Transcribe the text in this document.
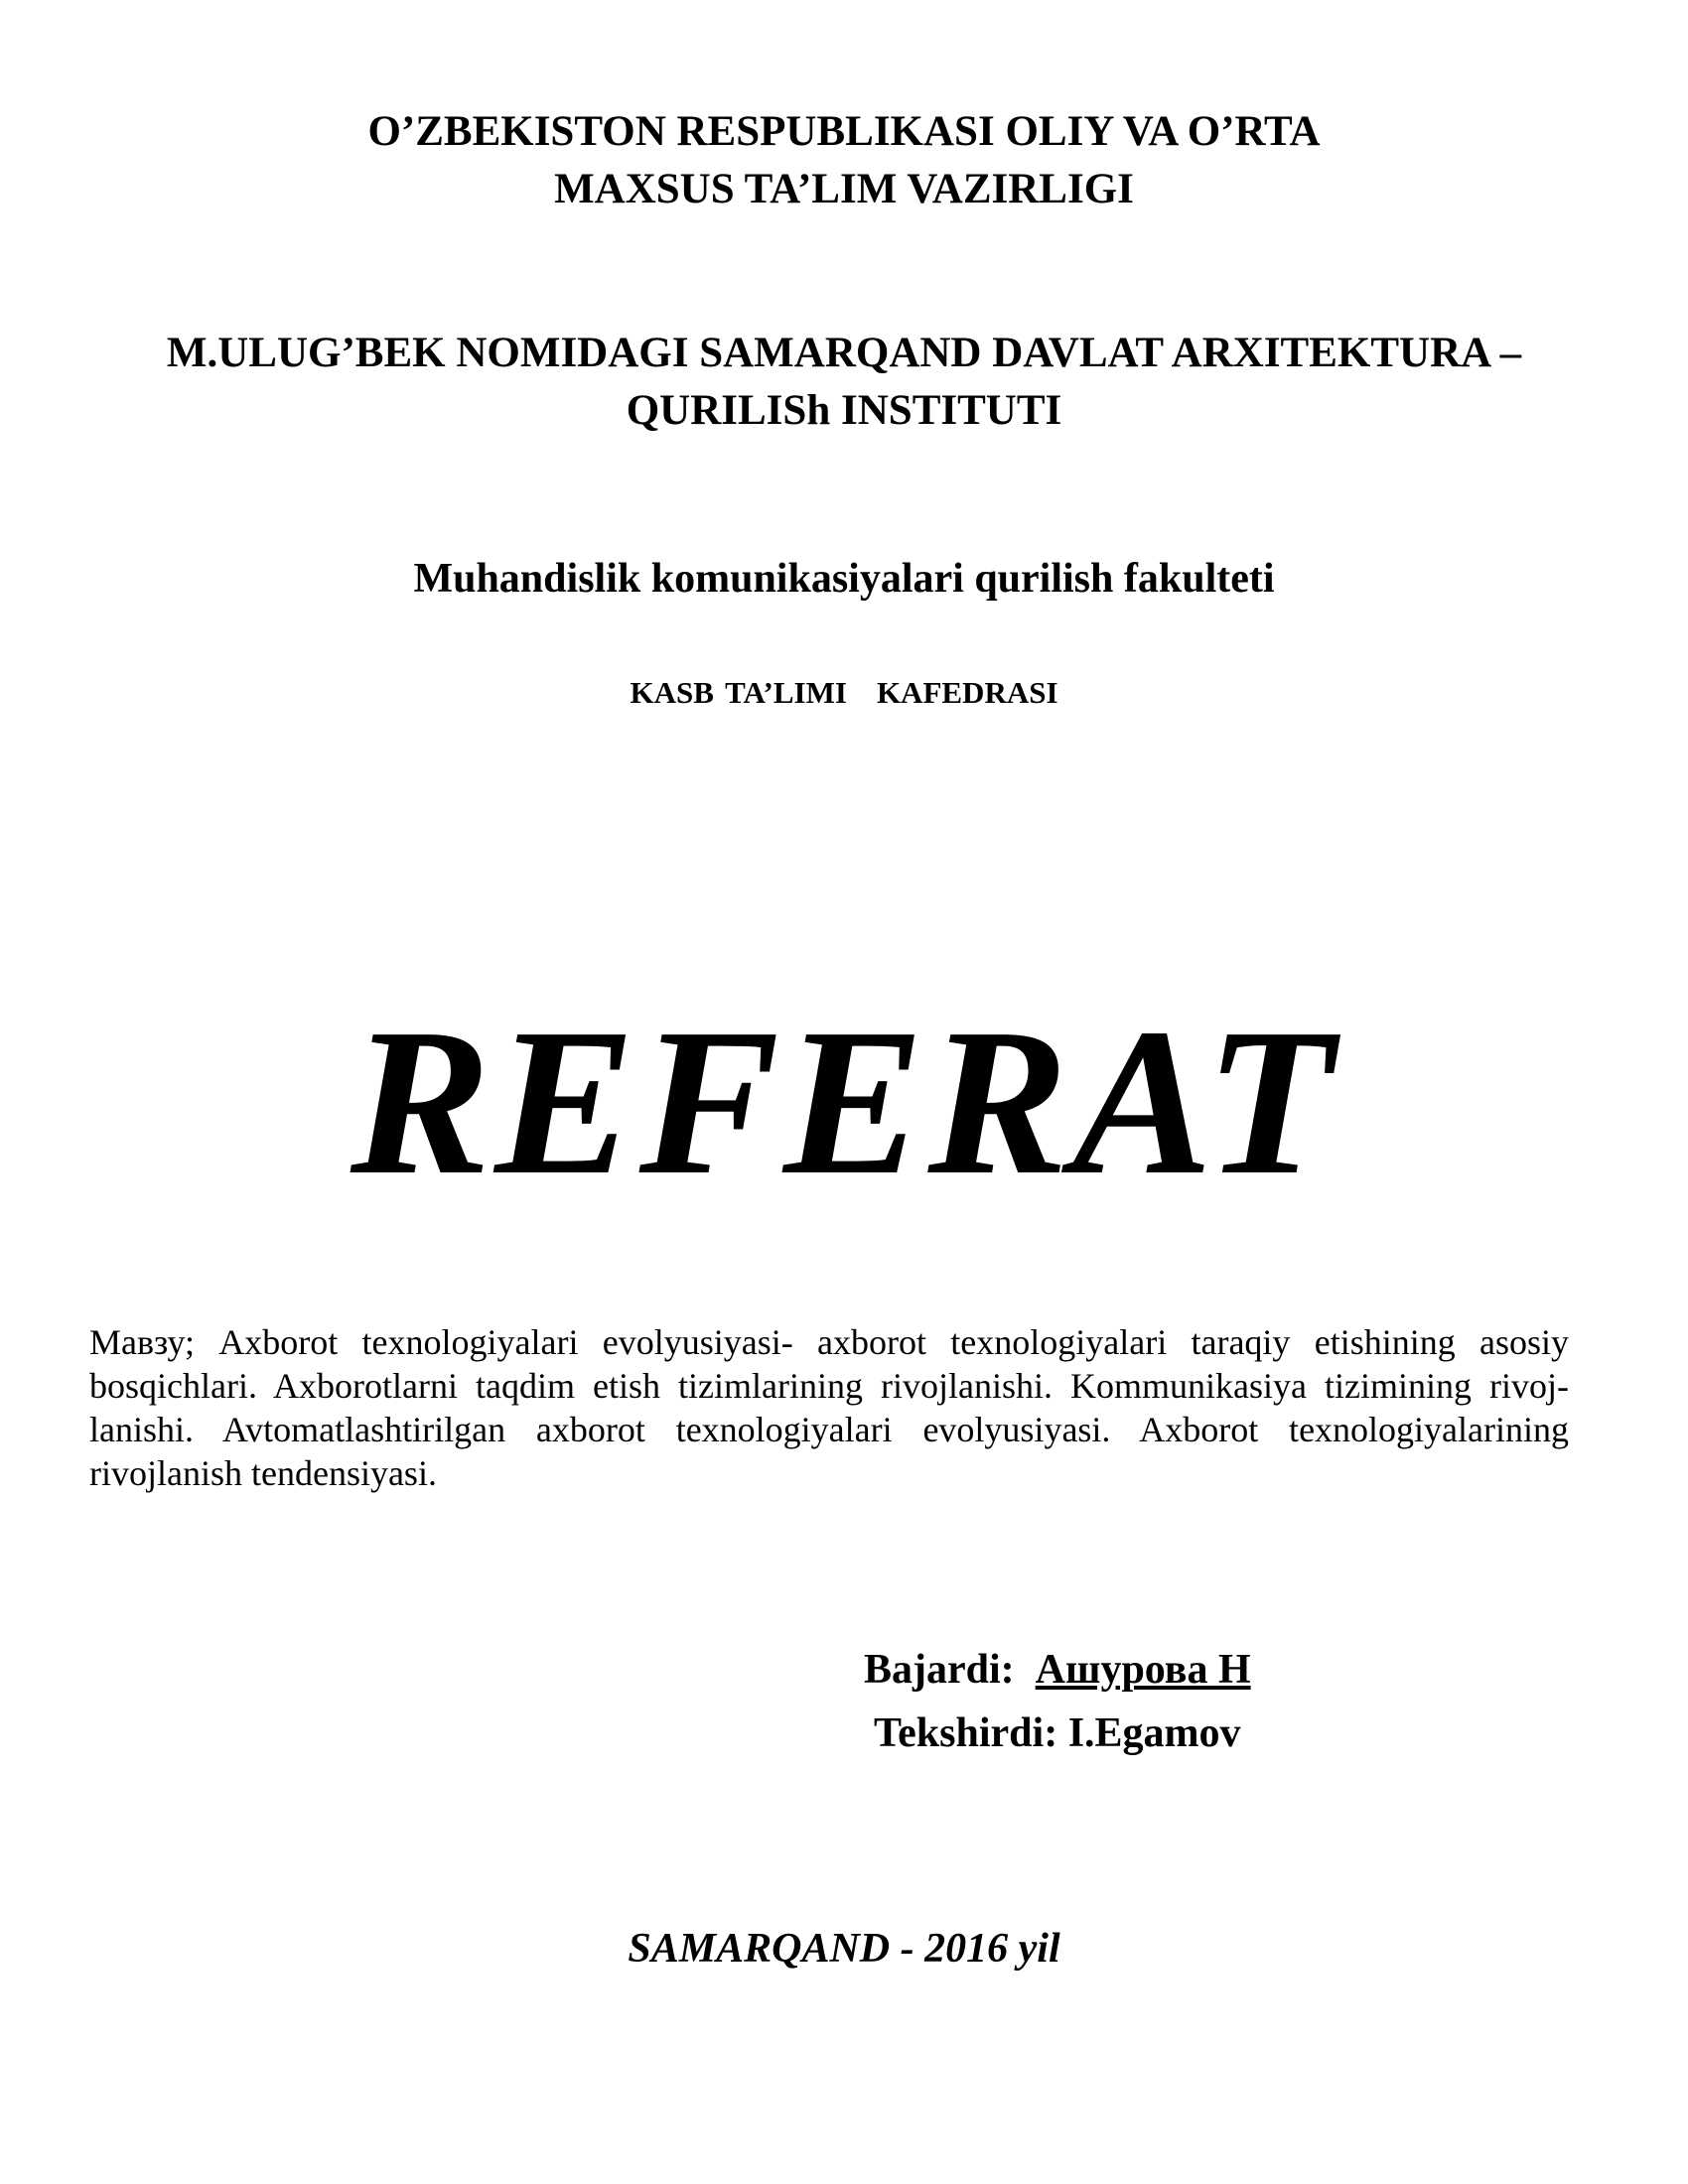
O’ZBEKISTON RESPUBLIKASI OLIY VA O’RTA
MAXSUS TA’LIM VAZIRLIGI
M.ULUG’BEK NOMIDAGI SAMARQAND DAVLAT ARXITEKTURA –
QURILISh INSTITUTI
Muhandislik komunikasiyalari qurilish fakulteti
KASB TA’LIMI KAFEDRASI
REFERAT
Мавзу; Axborot texnologiyalari evolyusiyasi- axborot texnologiyalari taraqiy etishining asosiy bosqichlari. Axborotlarni taqdim etish tizimlarining rivojlanishi. Kommunikasiya tizimining rivoj-lanishi. Avtomatlashtirilgan axborot texnologiyalari evolyusiyasi. Axborot texnologiyalarining rivojlanish tendensiyasi.
Bajardi: Ашурова Н
Tekshirdi: I.Egamov
SAMARQAND - 2016 yil
